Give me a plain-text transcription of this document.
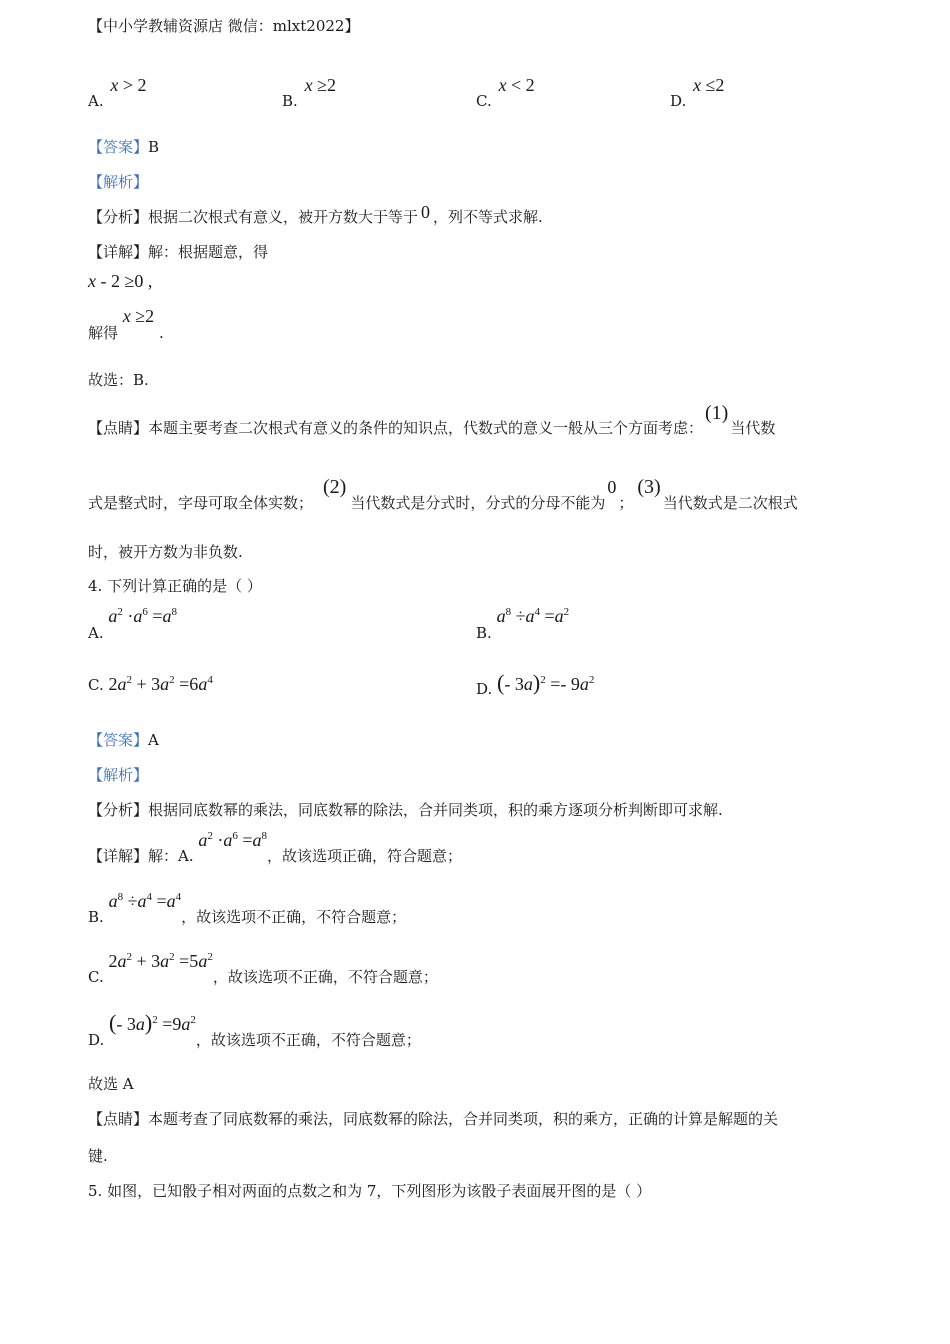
【中小学教辅资源店 微信：mlxt2022】
A. x > 2
B. x ≥2
C. x < 2
D. x ≤2
【答案】B
【解析】
【分析】根据二次根式有意义，被开方数大于等于 0 ，列不等式求解.
【详解】解：根据题意，得
x - 2 ≥0 ,
解得 x ≥2 .
故选：B.
【点睛】本题主要考查二次根式有意义的条件的知识点，代数式的意义一般从三个方面考虑：(1)当代数
式是整式时，字母可取全体实数；(2)当代数式是分式时，分式的分母不能为0；(3)当代数式是二次根式
时，被开方数为非负数.
4. 下列计算正确的是（ ）
A. $a^2 \cdot a^6 =a^8$
B. $a^8 \div a^4 =a^2$
C. $2a^2 + 3a^2 =6a^4$	D. (- $3a)^2 =- 9a^2$
【答案】A
【解析】
【分析】根据同底数幂的乘法，同底数幂的除法，合并同类项，积的乘方逐项分析判断即可求解.
【详解】解：A. $a^2 \cdot a^6 =a^8$，故该选项正确，符合题意；
B. $a^8 \div a^4 =a^4$，故该选项不正确，不符合题意；
C. $2a^2 + 3a^2 =5a^2$，故该选项不正确，不符合题意；
D. (- $3a)^2 =9a^2$，故该选项不正确，不符合题意；
故选 A
【点睛】本题考查了同底数幂的乘法，同底数幂的除法，合并同类项，积的乘方，正确的计算是解题的关
键.
5. 如图，已知骰子相对两面的点数之和为 7，下列图形为该骰子表面展开图的是（ ）
